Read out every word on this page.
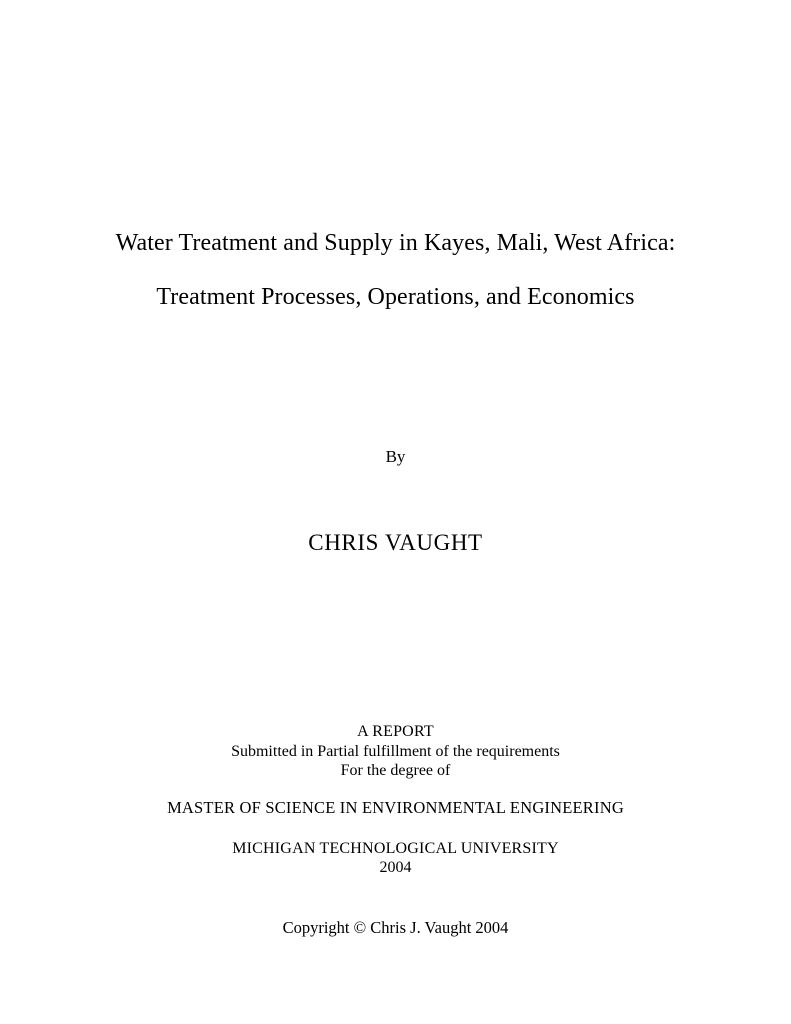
Water Treatment and Supply in Kayes, Mali, West Africa:
Treatment Processes, Operations, and Economics
By
CHRIS VAUGHT
A REPORT
Submitted in Partial fulfillment of the requirements
For the degree of
MASTER OF SCIENCE IN ENVIRONMENTAL ENGINEERING
MICHIGAN TECHNOLOGICAL UNIVERSITY
2004
Copyright © Chris J. Vaught 2004
